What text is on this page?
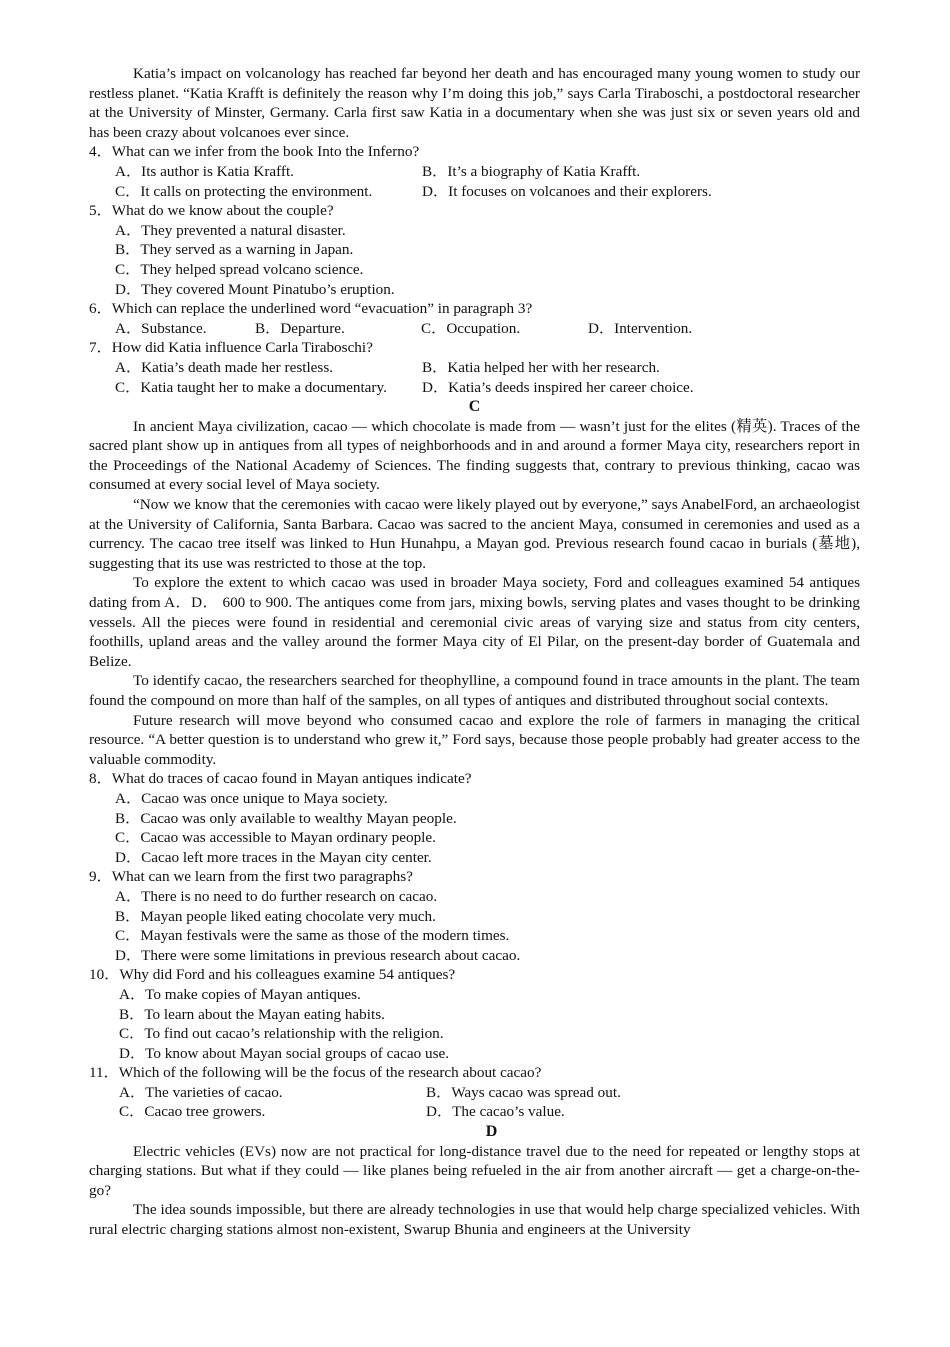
Katia’s impact on volcanology has reached far beyond her death and has encouraged many young women to study our restless planet. “Katia Krafft is definitely the reason why I’m doing this job,” says Carla Tiraboschi, a postdoctoral researcher at the University of Minster, Germany. Carla first saw Katia in a documentary when she was just six or seven years old and has been crazy about volcanoes ever since.

4．What can we infer from the book Into the Inferno?
A．Its author is Katia Krafft.	B．It’s a biography of Katia Krafft.
C．It calls on protecting the environment.	D．It focuses on volcanoes and their explorers.
5．What do we know about the couple?
A．They prevented a natural disaster.
B．They served as a warning in Japan.
C．They helped spread volcano science.
D．They covered Mount Pinatubo’s eruption.
6．Which can replace the underlined word “evacuation” in paragraph 3?
A．Substance.	B．Departure.	C．Occupation.	D．Intervention.
7．How did Katia influence Carla Tiraboschi?
A．Katia’s death made her restless.	B．Katia helped her with her research.
C．Katia taught her to make a documentary.	D．Katia’s deeds inspired her career choice.
C

In ancient Maya civilization, cacao — which chocolate is made from — wasn’t just for the elites (精英). Traces of the sacred plant show up in antiques from all types of neighborhoods and in and around a former Maya city, researchers report in the Proceedings of the National Academy of Sciences. The finding suggests that, contrary to previous thinking, cacao was consumed at every social level of Maya society.

“Now we know that the ceremonies with cacao were likely played out by everyone,” says AnabelFord, an archaeologist at the University of California, Santa Barbara. Cacao was sacred to the ancient Maya, consumed in ceremonies and used as a currency. The cacao tree itself was linked to Hun Hunahpu, a Mayan god. Previous research found cacao in burials (墓地), suggesting that its use was restricted to those at the top.

To explore the extent to which cacao was used in broader Maya society, Ford and colleagues examined 54 antiques dating from A．D． 600 to 900. The antiques come from jars, mixing bowls, serving plates and vases thought to be drinking vessels. All the pieces were found in residential and ceremonial civic areas of varying size and status from city centers, foothills, upland areas and the valley around the former Maya city of El Pilar, on the present-day border of Guatemala and Belize.

To identify cacao, the researchers searched for theophylline, a compound found in trace amounts in the plant. The team found the compound on more than half of the samples, on all types of antiques and distributed throughout social contexts.

Future research will move beyond who consumed cacao and explore the role of farmers in managing the critical resource. “A better question is to understand who grew it,” Ford says, because those people probably had greater access to the valuable commodity.

8．What do traces of cacao found in Mayan antiques indicate?
A．Cacao was once unique to Maya society.
B．Cacao was only available to wealthy Mayan people.
C．Cacao was accessible to Mayan ordinary people.
D．Cacao left more traces in the Mayan city center.
9．What can we learn from the first two paragraphs?
A．There is no need to do further research on cacao.
B．Mayan people liked eating chocolate very much.
C．Mayan festivals were the same as those of the modern times.
D．There were some limitations in previous research about cacao.
10．Why did Ford and his colleagues examine 54 antiques?
A．To make copies of Mayan antiques.
B．To learn about the Mayan eating habits.
C．To find out cacao’s relationship with the religion.
D．To know about Mayan social groups of cacao use.
11．Which of the following will be the focus of the research about cacao?
A．The varieties of cacao.	B．Ways cacao was spread out.
C．Cacao tree growers.	D．The cacao’s value.
D

Electric vehicles (EVs) now are not practical for long-distance travel due to the need for repeated or lengthy stops at charging stations. But what if they could — like planes being refueled in the air from another aircraft — get a charge-on-the-go?

The idea sounds impossible, but there are already technologies in use that would help charge specialized vehicles. With rural electric charging stations almost non-existent, Swarup Bhunia and engineers at the University
